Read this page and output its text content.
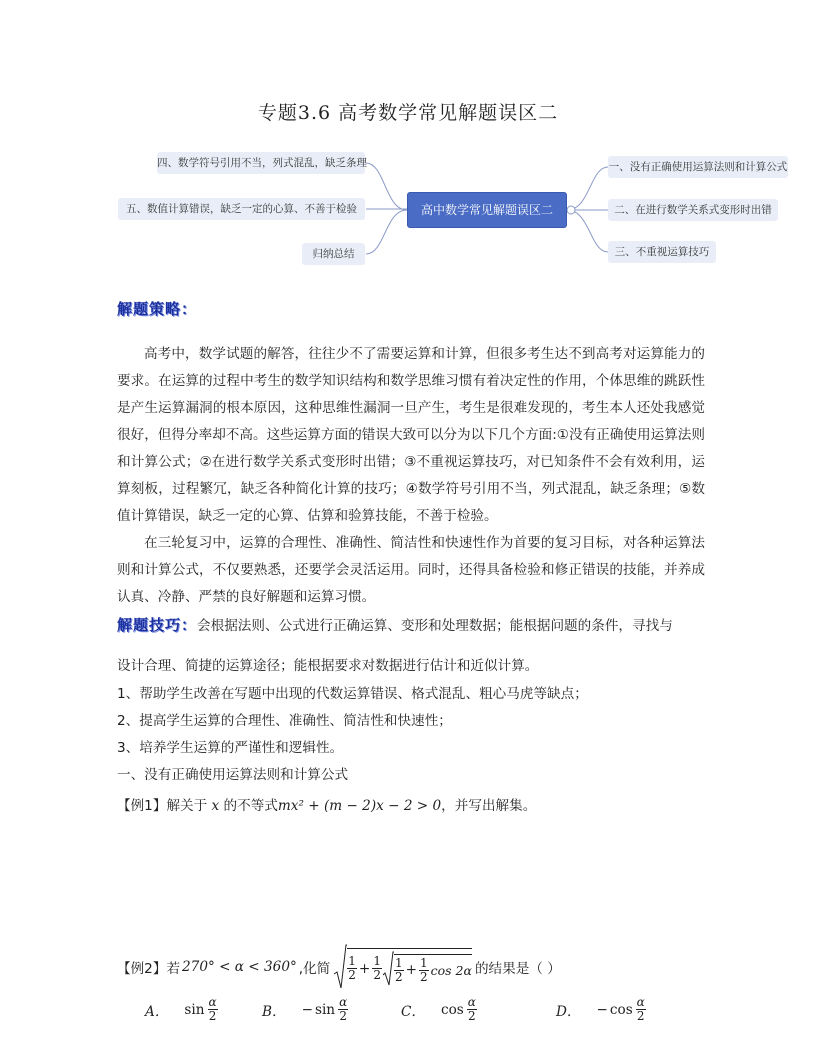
专题3.6 高考数学常见解题误区二
四、数学符号引用不当，列式混乱，缺乏条理
五、数值计算错误，缺乏一定的心算、不善于检验
归纳总结
高中数学常见解题误区二
一、没有正确使用运算法则和计算公式
二、在进行数学关系式变形时出错
三、不重视运算技巧
解题策略：
高考中，数学试题的解答，往往少不了需要运算和计算，但很多考生达不到高考对运算能力的要求。在运算的过程中考生的数学知识结构和数学思维习惯有着决定性的作用，个体思维的跳跃性是产生运算漏洞的根本原因，这种思维性漏洞一旦产生，考生是很难发现的，考生本人还处我感觉很好，但得分率却不高。这些运算方面的错误大致可以分为以下几个方面:①没有正确使用运算法则和计算公式；②在进行数学关系式变形时出错；③不重视运算技巧，对已知条件不会有效利用，运算刻板，过程繁冗，缺乏各种简化计算的技巧；④数学符号引用不当，列式混乱，缺乏条理；⑤数值计算错误，缺乏一定的心算、估算和验算技能，不善于检验。
在三轮复习中，运算的合理性、准确性、简洁性和快速性作为首要的复习目标，对各种运算法则和计算公式，不仅要熟悉，还要学会灵活运用。同时，还得具备检验和修正错误的技能，并养成认真、冷静、严禁的良好解题和运算习惯。
解题技巧：会根据法则、公式进行正确运算、变形和处理数据；能根据问题的条件，寻找与
设计合理、简捷的运算途径；能根据要求对数据进行估计和近似计算。
1、帮助学生改善在写题中出现的代数运算错误、格式混乱、粗心马虎等缺点；
2、提高学生运算的合理性、准确性、简洁性和快速性；
3、培养学生运算的严谨性和逻辑性。
一、没有正确使用运算法则和计算公式
【例1】解关于 x 的不等式mx² + (m − 2)x − 2 > 0，并写出解集。
【例2】 若 270° < α < 360° ,化简 $\frac{1}{2} + \frac{1}{2} \frac{1}{2} + \frac{1}{2}$ cos 2α 的结果是（ ）
A． $\sin \frac{\alpha}{2}$	B． − $\sin \frac{\alpha}{2}$	C． $\cos \frac{\alpha}{2}$	D． − $\cos \frac{\alpha}{2}$
